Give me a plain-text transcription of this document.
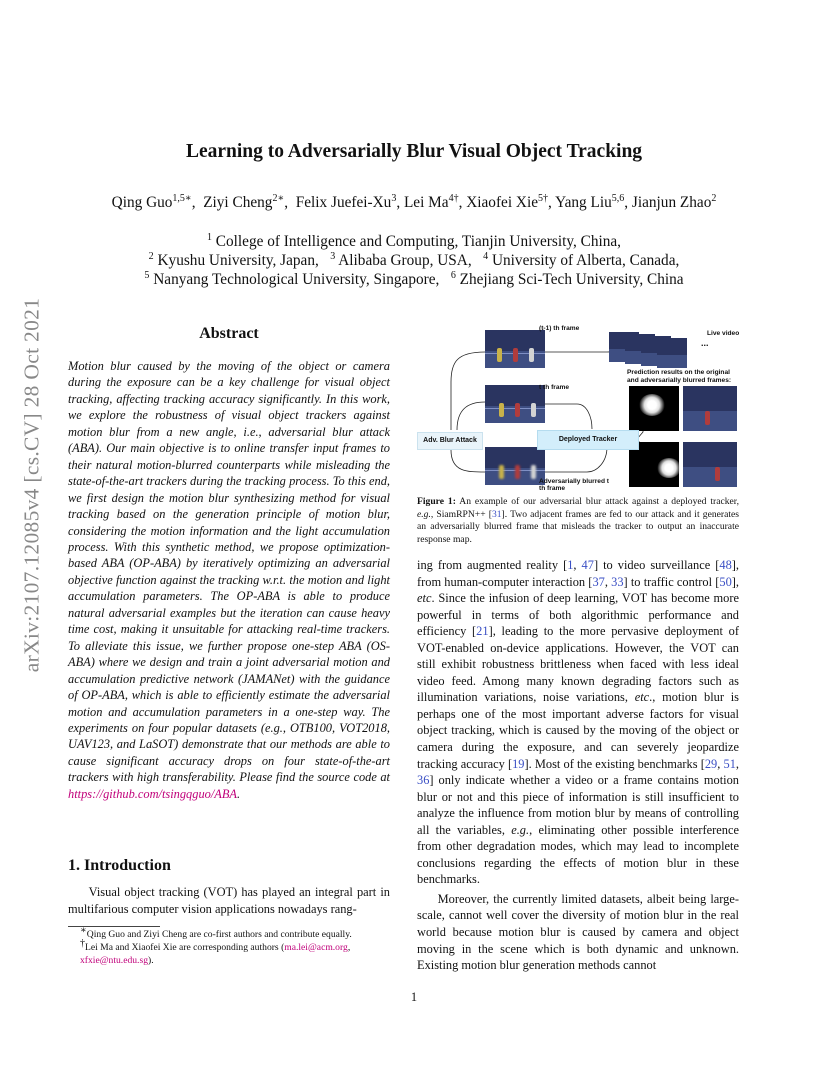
arXiv:2107.12085v4 [cs.CV] 28 Oct 2021
Learning to Adversarially Blur Visual Object Tracking
Qing Guo$^{1,5∗}$,  Ziyi Cheng$^{2∗}$,  Felix Juefei-Xu$^3$, Lei $Ma^{4\dagger}$, Xiaofei Xie$^{5\dagger}$, Yang Liu$^{5,6}$, Jianjun Zhao$^2$
$^1$ College of Intelligence and Computing, Tianjin University, China,
$^2$ Kyushu University, Japan,   $^3$ Alibaba Group, USA,   $^4$ University of Alberta, Canada,
$^5$ Nanyang Technological University, Singapore,   $^6$ Zhejiang Sci-Tech University, China
Abstract
Motion blur caused by the moving of the object or camera during the exposure can be a key challenge for visual object tracking, affecting tracking accuracy significantly. In this work, we explore the robustness of visual object trackers against motion blur from a new angle, i.e., adversarial blur attack (ABA). Our main objective is to online transfer input frames to their natural motion-blurred counterparts while misleading the state-of-the-art trackers during the tracking process. To this end, we first design the motion blur synthesizing method for visual tracking based on the generation principle of motion blur, considering the motion information and the light accumulation process. With this synthetic method, we propose optimization-based ABA (OP-ABA) by iteratively optimizing an adversarial objective function against the tracking w.r.t. the motion and light accumulation parameters. The OP-ABA is able to produce natural adversarial examples but the iteration can cause heavy time cost, making it unsuitable for attacking real-time trackers. To alleviate this issue, we further propose one-step ABA (OS-ABA) where we design and train a joint adversarial motion and accumulation predictive network (JAMANet) with the guidance of OP-ABA, which is able to efficiently estimate the adversarial motion and accumulation parameters in a one-step way. The experiments on four popular datasets (e.g., OTB100, VOT2018, UAV123, and LaSOT) demonstrate that our methods are able to cause significant accuracy drops on four state-of-the-art trackers with high transferability. Please find the source code at https://github.com/tsingqguo/ABA.
1. Introduction
Visual object tracking (VOT) has played an integral part in multifarious computer vision applications nowadays rang-
∗Qing Guo and Ziyi Cheng are co-first authors and contribute equally.
†Lei Ma and Xiaofei Xie are corresponding authors (ma.lei@acm.org, xfxie@ntu.edu.sg).
(t-1) th frame
t th frame
Live video
...
Prediction results on the original and adversarially blurred frames:
Adv. Blur Attack	Deployed Tracker
Adversarially blurred t th frame
Figure 1: An example of our adversarial blur attack against a deployed tracker, e.g., SiamRPN++ [31]. Two adjacent frames are fed to our attack and it generates an adversarially blurred frame that misleads the tracker to output an inaccurate response map.
ing from augmented reality [1, 47] to video surveillance [48], from human-computer interaction [37, 33] to traffic control [50], etc. Since the infusion of deep learning, VOT has become more powerful in terms of both algorithmic performance and efficiency [21], leading to the more pervasive deployment of VOT-enabled on-device applications. However, the VOT can still exhibit robustness brittleness when faced with less ideal video feed. Among many known degrading factors such as illumination variations, noise variations, etc., motion blur is perhaps one of the most important adverse factors for visual object tracking, which is caused by the moving of the object or camera during the exposure, and can severely jeopardize tracking accuracy [19]. Most of the existing benchmarks [29, 51, 36] only indicate whether a video or a frame contains motion blur or not and this piece of information is still insufficient to analyze the influence from motion blur by means of controlling all the variables, e.g., eliminating other possible interference from other degradation modes, which may lead to incomplete conclusions regarding the effects of motion blur in these benchmarks.
Moreover, the currently limited datasets, albeit being large-scale, cannot well cover the diversity of motion blur in the real world because motion blur is caused by camera and object moving in the scene which is both dynamic and unknown. Existing motion blur generation methods cannot
1
